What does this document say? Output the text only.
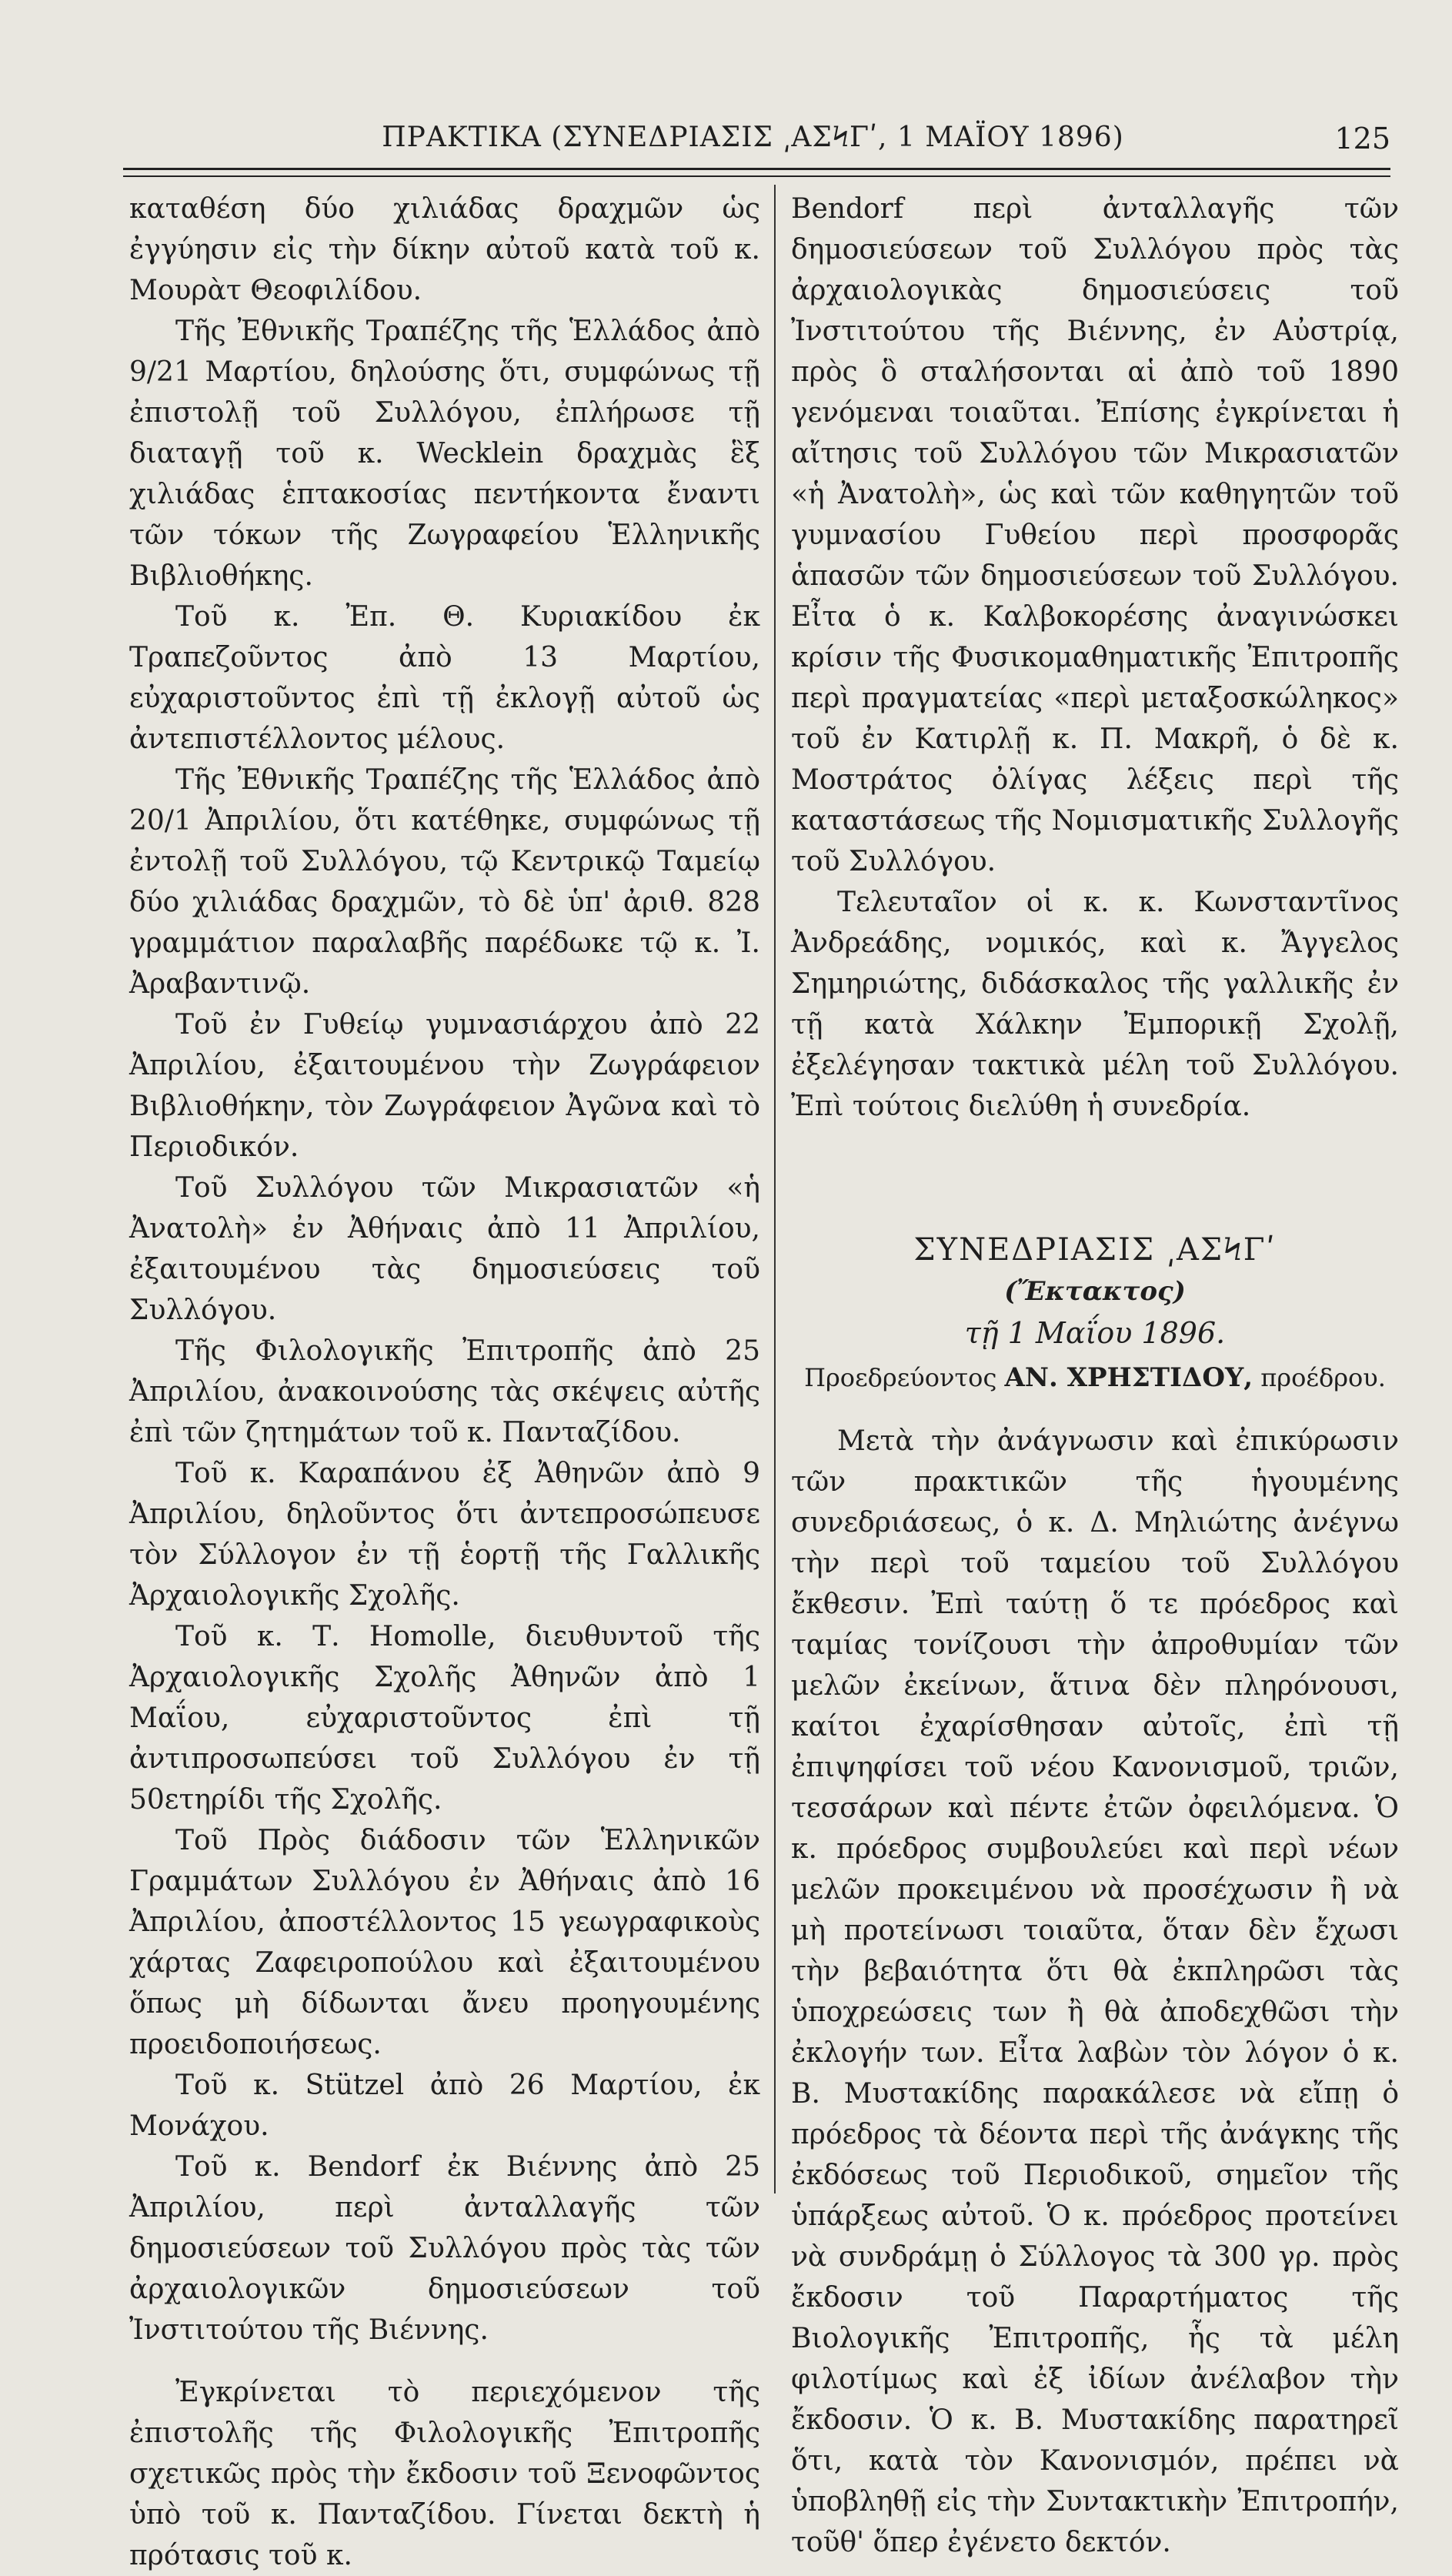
ΠΡΑΚΤΙΚΑ (ΣΥΝΕΔΡΙΑΣΙΣ ͵ΑΣϞΓʹ, 1 ΜΑΪΟΥ 1896)	125

καταθέση δύο χιλιάδας δραχμῶν ὡς ἐγγύησιν εἰς τὴν δίκην αὐτοῦ κατὰ τοῦ κ. Μουρὰτ Θεοφιλίδου.

Τῆς Ἐθνικῆς Τραπέζης τῆς Ἑλλάδος ἀπὸ 9/21 Μαρτίου, δηλούσης ὅτι, συμφώνως τῇ ἐπιστολῇ τοῦ Συλλόγου, ἐπλήρωσε τῇ διαταγῇ τοῦ κ. Wecklein δραχμὰς ἓξ χιλιάδας ἑπτακοσίας πεντήκοντα ἔναντι τῶν τόκων τῆς Ζωγραφείου Ἑλληνικῆς Βιβλιοθήκης.

Τοῦ κ. Ἐπ. Θ. Κυριακίδου ἐκ Τραπεζοῦντος ἀπὸ 13 Μαρτίου, εὐχαριστοῦντος ἐπὶ τῇ ἐκλογῇ αὐτοῦ ὡς ἀντεπιστέλλοντος μέλους.

Τῆς Ἐθνικῆς Τραπέζης τῆς Ἑλλάδος ἀπὸ 20/1 Ἀπριλίου, ὅτι κατέθηκε, συμφώνως τῇ ἐντολῇ τοῦ Συλλόγου, τῷ Κεντρικῷ Ταμείῳ δύο χιλιάδας δραχμῶν, τὸ δὲ ὑπ' ἀριθ. 828 γραμμάτιον παραλαβῆς παρέδωκε τῷ κ. Ἰ. Ἀραβαντινῷ.

Τοῦ ἐν Γυθείῳ γυμνασιάρχου ἀπὸ 22 Ἀπριλίου, ἐξαιτουμένου τὴν Ζωγράφειον Βιβλιοθήκην, τὸν Ζωγράφειον Ἀγῶνα καὶ τὸ Περιοδικόν.

Τοῦ Συλλόγου τῶν Μικρασιατῶν «ἡ Ἀνατολὴ» ἐν Ἀθήναις ἀπὸ 11 Ἀπριλίου, ἐξαιτουμένου τὰς δημοσιεύσεις τοῦ Συλλόγου.

Τῆς Φιλολογικῆς Ἐπιτροπῆς ἀπὸ 25 Ἀπριλίου, ἀνακοινούσης τὰς σκέψεις αὐτῆς ἐπὶ τῶν ζητημάτων τοῦ κ. Πανταζίδου.

Τοῦ κ. Καραπάνου ἐξ Ἀθηνῶν ἀπὸ 9 Ἀπριλίου, δηλοῦντος ὅτι ἀντεπροσώπευσε τὸν Σύλλογον ἐν τῇ ἑορτῇ τῆς Γαλλικῆς Ἀρχαιολογικῆς Σχολῆς.

Τοῦ κ. Τ. Homolle, διευθυντοῦ τῆς Ἀρχαιολογικῆς Σχολῆς Ἀθηνῶν ἀπὸ 1 Μαΐου, εὐχαριστοῦντος ἐπὶ τῇ ἀντιπροσωπεύσει τοῦ Συλλόγου ἐν τῇ 50ετηρίδι τῆς Σχολῆς.

Τοῦ Πρὸς διάδοσιν τῶν Ἑλληνικῶν Γραμμάτων Συλλόγου ἐν Ἀθήναις ἀπὸ 16 Ἀπριλίου, ἀποστέλλοντος 15 γεωγραφικοὺς χάρτας Ζαφειροπούλου καὶ ἐξαιτουμένου ὅπως μὴ δίδωνται ἄνευ προηγουμένης προειδοποιήσεως.

Τοῦ κ. Stützel ἀπὸ 26 Μαρτίου, ἐκ Μονάχου.

Τοῦ κ. Bendorf ἐκ Βιέννης ἀπὸ 25 Ἀπριλίου, περὶ ἀνταλλαγῆς τῶν δημοσιεύσεων τοῦ Συλλόγου πρὸς τὰς τῶν ἀρχαιολογικῶν δημοσιεύσεων τοῦ Ἰνστιτούτου τῆς Βιέννης.

Ἐγκρίνεται τὸ περιεχόμενον τῆς ἐπιστολῆς τῆς Φιλολογικῆς Ἐπιτροπῆς σχετικῶς πρὸς τὴν ἔκδοσιν τοῦ Ξενοφῶντος ὑπὸ τοῦ κ. Πανταζίδου. Γίνεται δεκτὴ ἡ πρότασις τοῦ κ.

Bendorf περὶ ἀνταλλαγῆς τῶν δημοσιεύσεων τοῦ Συλλόγου πρὸς τὰς ἀρχαιολογικὰς δημοσιεύσεις τοῦ Ἰνστιτούτου τῆς Βιέννης, ἐν Αὐστρίᾳ, πρὸς ὃ σταλήσονται αἱ ἀπὸ τοῦ 1890 γενόμεναι τοιαῦται. Ἐπίσης ἐγκρίνεται ἡ αἴτησις τοῦ Συλλόγου τῶν Μικρασιατῶν «ἡ Ἀνατολὴ», ὡς καὶ τῶν καθηγητῶν τοῦ γυμνασίου Γυθείου περὶ προσφορᾶς ἁπασῶν τῶν δημοσιεύσεων τοῦ Συλλόγου. Εἶτα ὁ κ. Καλβοκορέσης ἀναγινώσκει κρίσιν τῆς Φυσικομαθηματικῆς Ἐπιτροπῆς περὶ πραγματείας «περὶ μεταξοσκώληκος» τοῦ ἐν Κατιρλῇ κ. Π. Μακρῆ, ὁ δὲ κ. Μοστράτος ὀλίγας λέξεις περὶ τῆς καταστάσεως τῆς Νομισματικῆς Συλλογῆς τοῦ Συλλόγου.

Τελευταῖον οἱ κ. κ. Κωνσταντῖνος Ἀνδρεάδης, νομικός, καὶ κ. Ἄγγελος Σημηριώτης, διδάσκαλος τῆς γαλλικῆς ἐν τῇ κατὰ Χάλκην Ἐμπορικῇ Σχολῇ, ἐξελέγησαν τακτικὰ μέλη τοῦ Συλλόγου. Ἐπὶ τούτοις διελύθη ἡ συνεδρία.

ΣΥΝΕΔΡΙΑΣΙΣ ͵ΑΣϞΓʹ
(Ἔκτακτος)
τῇ 1 Μαΐου 1896.
Προεδρεύοντος ΑΝ. ΧΡΗΣΤΙΔΟΥ, προέδρου.

Μετὰ τὴν ἀνάγνωσιν καὶ ἐπικύρωσιν τῶν πρακτικῶν τῆς ἡγουμένης συνεδριάσεως, ὁ κ. Δ. Μηλιώτης ἀνέγνω τὴν περὶ τοῦ ταμείου τοῦ Συλλόγου ἔκθεσιν. Ἐπὶ ταύτῃ ὅ τε πρόεδρος καὶ ταμίας τονίζουσι τὴν ἀπροθυμίαν τῶν μελῶν ἐκείνων, ἅτινα δὲν πληρόνουσι, καίτοι ἐχαρίσθησαν αὐτοῖς, ἐπὶ τῇ ἐπιψηφίσει τοῦ νέου Κανονισμοῦ, τριῶν, τεσσάρων καὶ πέντε ἐτῶν ὀφειλόμενα. Ὁ κ. πρόεδρος συμβουλεύει καὶ περὶ νέων μελῶν προκειμένου νὰ προσέχωσιν ἢ νὰ μὴ προτείνωσι τοιαῦτα, ὅταν δὲν ἔχωσι τὴν βεβαιότητα ὅτι θὰ ἐκπληρῶσι τὰς ὑποχρεώσεις των ἢ θὰ ἀποδεχθῶσι τὴν ἐκλογήν των. Εἶτα λαβὼν τὸν λόγον ὁ κ. Β. Μυστακίδης παρακάλεσε νὰ εἴπῃ ὁ πρόεδρος τὰ δέοντα περὶ τῆς ἀνάγκης τῆς ἐκδόσεως τοῦ Περιοδικοῦ, σημεῖον τῆς ὑπάρξεως αὐτοῦ. Ὁ κ. πρόεδρος προτείνει νὰ συνδράμῃ ὁ Σύλλογος τὰ 300 γρ. πρὸς ἔκδοσιν τοῦ Παραρτήματος τῆς Βιολογικῆς Ἐπιτροπῆς, ἧς τὰ μέλη φιλοτίμως καὶ ἐξ ἰδίων ἀνέλαβον τὴν ἔκδοσιν. Ὁ κ. Β. Μυστακίδης παρατηρεῖ ὅτι, κατὰ τὸν Κανονισμόν, πρέπει νὰ ὑποβληθῇ εἰς τὴν Συντακτικὴν Ἐπιτροπήν, τοῦθ' ὅπερ ἐγένετο δεκτόν.
